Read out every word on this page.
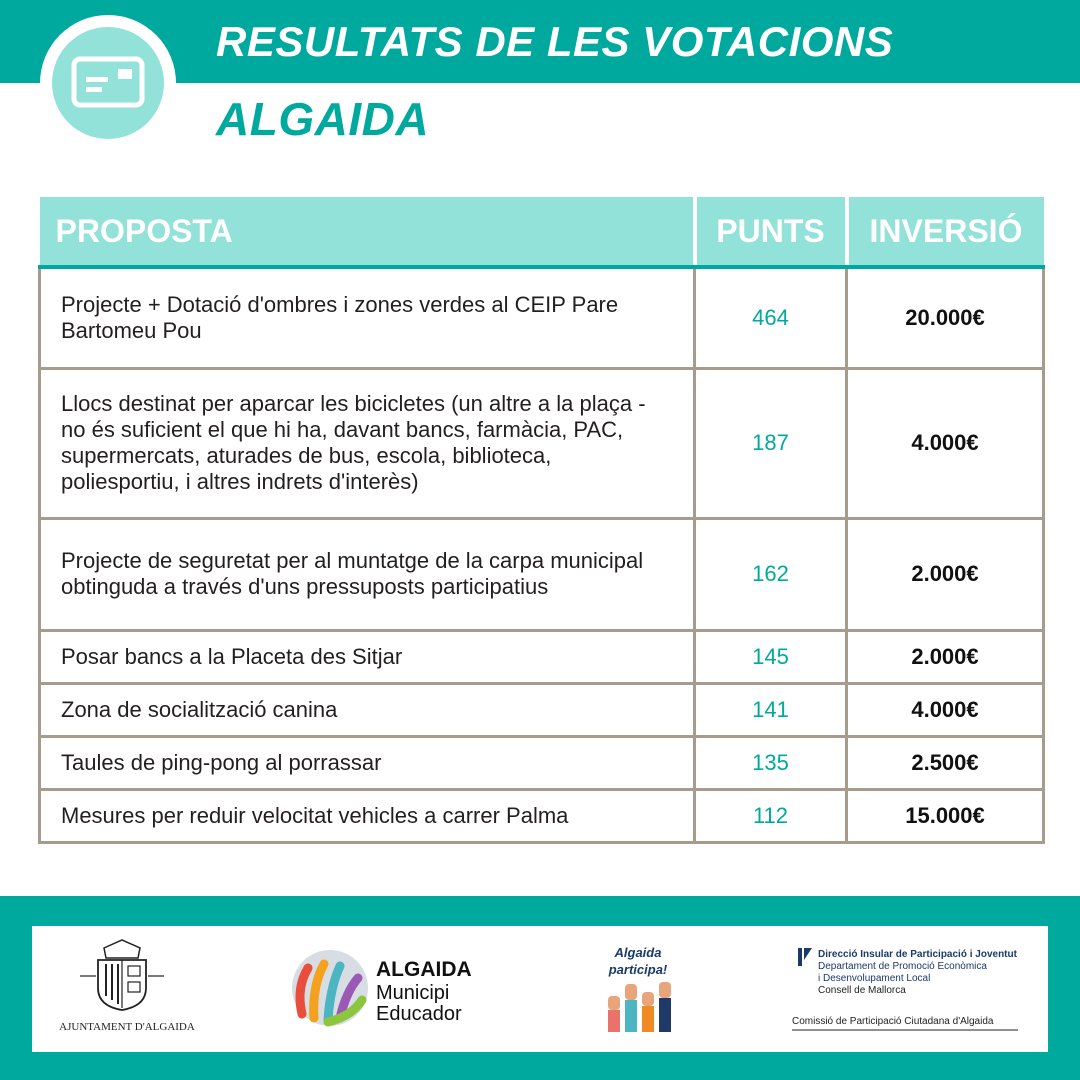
RESULTATS DE LES VOTACIONS
ALGAIDA
PROPOSTA	PUNTS	INVERSIÓ
Projecte + Dotació d'ombres i zones verdes al CEIP Pare Bartomeu Pou	464	20.000€
Llocs destinat per aparcar les bicicletes (un altre a la plaça - no és suficient el que hi ha, davant bancs, farmàcia, PAC, supermercats, aturades de bus, escola, biblioteca, poliesportiu, i altres indrets d'interès)	187	4.000€
Projecte de seguretat per al muntatge de la carpa municipal obtinguda a través d'uns pressuposts participatius	162	2.000€
Posar bancs a la Placeta des Sitjar	145	2.000€
Zona de socialització canina	141	4.000€
Taules de ping-pong al porrassar	135	2.500€
Mesures per reduir velocitat vehicles a carrer Palma	112	15.000€
AJUNTAMENT D'ALGAIDA
ALGAIDA
Municipi
Educador
Algaida
participa!
Direcció Insular de Participació i Joventut
Departament de Promoció Econòmica
i Desenvolupament Local
Consell de Mallorca
Comissió de Participació Ciutadana d'Algaida
